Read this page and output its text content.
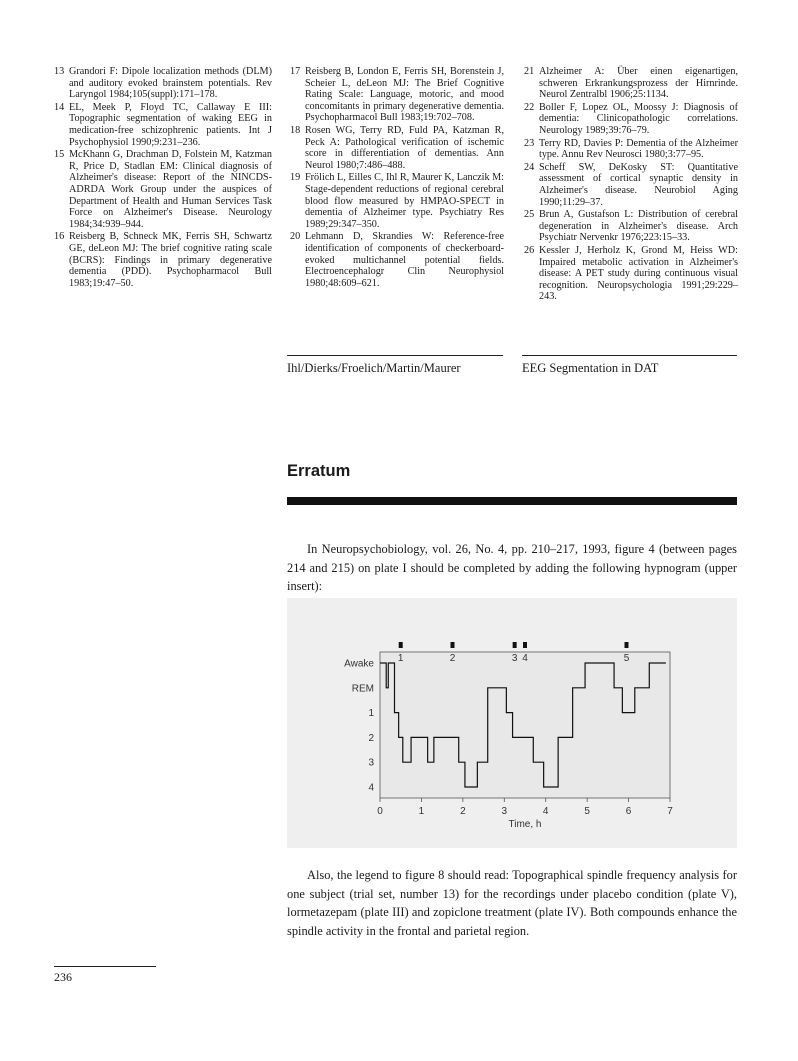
13 Grandori F: Dipole localization methods (DLM) and auditory evoked brainstem potentials. Rev Laryngol 1984;105(suppl):171–178.
14 EL, Meek P, Floyd TC, Callaway E III: Topographic segmentation of waking EEG in medication-free schizophrenic patients. Int J Psychophysiol 1990;9:231–236.
15 McKhann G, Drachman D, Folstein M, Katzman R, Price D, Stadlan EM: Clinical diagnosis of Alzheimer's disease: Report of the NINCDS-ADRDA Work Group under the auspices of Department of Health and Human Services Task Force on Alzheimer's Disease. Neurology 1984;34:939–944.
16 Reisberg B, Schneck MK, Ferris SH, Schwartz GE, deLeon MJ: The brief cognitive rating scale (BCRS): Findings in primary degenerative dementia (PDD). Psychopharmacol Bull 1983;19:47–50.
17 Reisberg B, London E, Ferris SH, Borenstein J, Scheier L, deLeon MJ: The Brief Cognitive Rating Scale: Language, motoric, and mood concomitants in primary degenerative dementia. Psychopharmacol Bull 1983;19:702–708.
18 Rosen WG, Terry RD, Fuld PA, Katzman R, Peck A: Pathological verification of ischemic score in differentiation of dementias. Ann Neurol 1980;7:486–488.
19 Frölich L, Eilles C, Ihl R, Maurer K, Lanczik M: Stage-dependent reductions of regional cerebral blood flow measured by HMPAO-SPECT in dementia of Alzheimer type. Psychiatry Res 1989;29:347–350.
20 Lehmann D, Skrandies W: Reference-free identification of components of checkerboard-evoked multichannel potential fields. Electroencephalogr Clin Neurophysiol 1980;48:609–621.
21 Alzheimer A: Über einen eigenartigen, schweren Erkrankungsprozess der Hirnrinde. Neurol Zentralbl 1906;25:1134.
22 Boller F, Lopez OL, Moossy J: Diagnosis of dementia: Clinicopathologic correlations. Neurology 1989;39:76–79.
23 Terry RD, Davies P: Dementia of the Alzheimer type. Annu Rev Neurosci 1980;3:77–95.
24 Scheff SW, DeKosky ST: Quantitative assessment of cortical synaptic density in Alzheimer's disease. Neurobiol Aging 1990;11:29–37.
25 Brun A, Gustafson L: Distribution of cerebral degeneration in Alzheimer's disease. Arch Psychiatr Nervenkr 1976;223:15–33.
26 Kessler J, Herholz K, Grond M, Heiss WD: Impaired metabolic activation in Alzheimer's disease: A PET study during continuous visual recognition. Neuropsychologia 1991;29:229–243.
Ihl/Dierks/Froelich/Martin/Maurer	EEG Segmentation in DAT
Erratum
In Neuropsychobiology, vol. 26, No. 4, pp. 210–217, 1993, figure 4 (between pages 214 and 215) on plate I should be completed by adding the following hypnogram (upper insert):
Awake
REM
1
2
3
4
0	1	2	3	4	5	6	7
1	2	3 4	5
Time, h
Also, the legend to figure 8 should read: Topographical spindle frequency analysis for one subject (trial set, number 13) for the recordings under placebo condition (plate V), lormetazepam (plate III) and zopiclone treatment (plate IV). Both compounds enhance the spindle activity in the frontal and parietal region.
236
